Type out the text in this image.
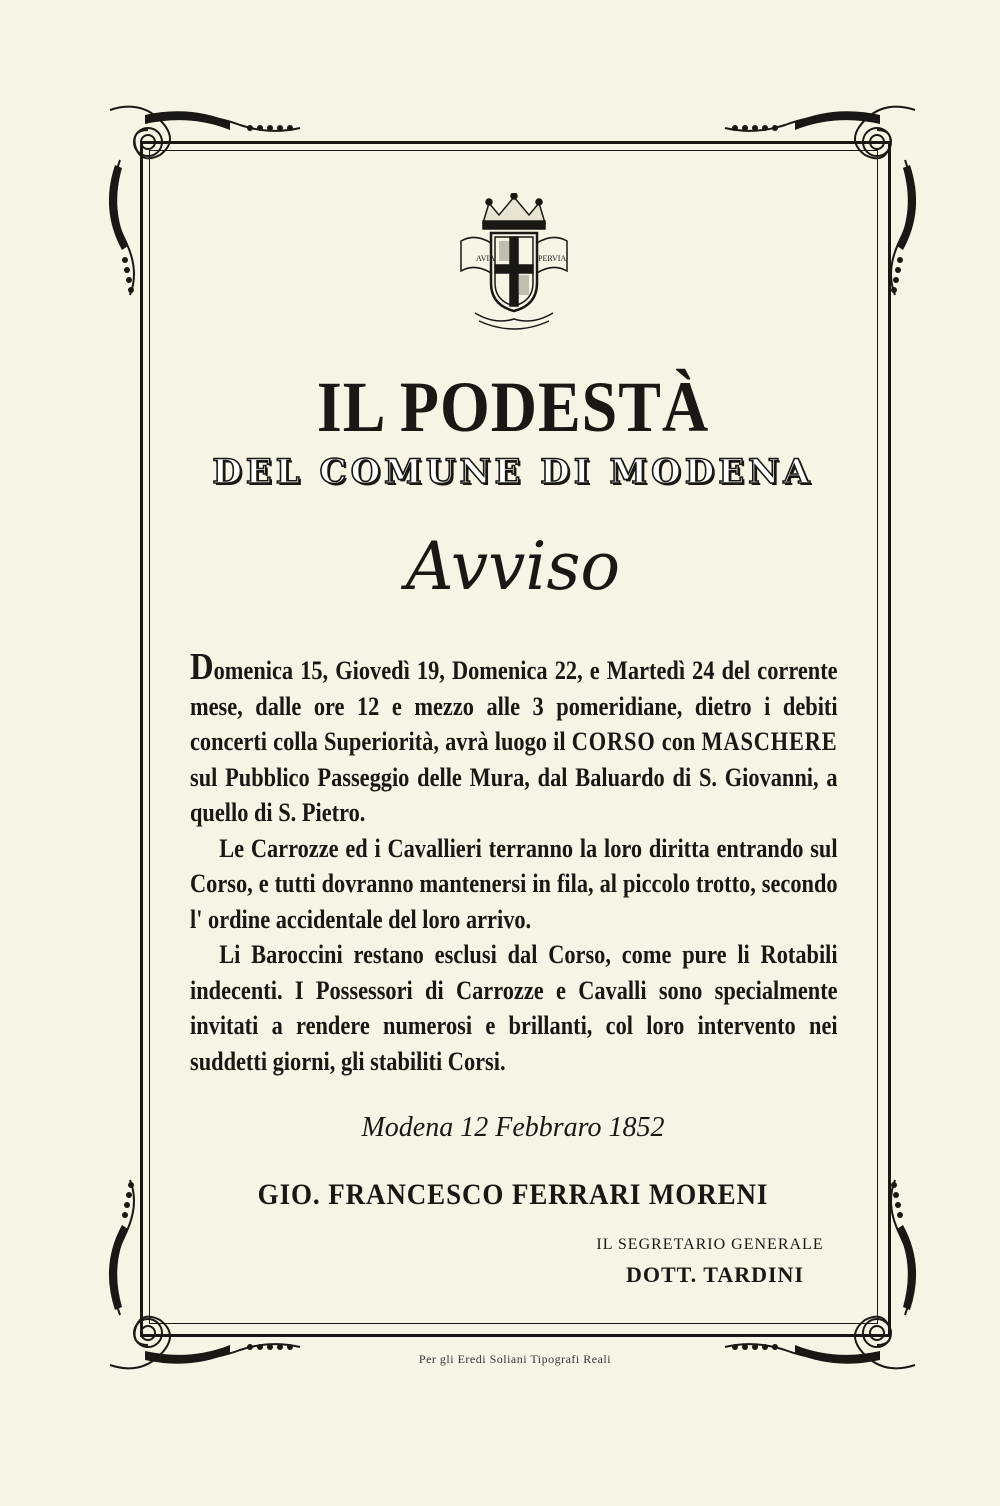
AVIA	PERVIA
IL PODESTÀ
DEL COMUNE DI MODENA
Avviso

Domenica 15, Giovedì 19, Domenica 22, e Martedì 24 del corrente mese, dalle ore 12 e mezzo alle 3 pomeridiane, dietro i debiti concerti colla Superiorità, avrà luogo il CORSO con MASCHERE sul Pubblico Passeggio delle Mura, dal Baluardo di S. Giovanni, a quello di S. Pietro.

Le Carrozze ed i Cavallieri terranno la loro diritta entrando sul Corso, e tutti dovranno mantenersi in fila, al piccolo trotto, secondo l' ordine accidentale del loro arrivo.

Li Baroccini restano esclusi dal Corso, come pure li Rotabili indecenti. I Possessori di Carrozze e Cavalli sono specialmente invitati a rendere numerosi e brillanti, col loro intervento nei suddetti giorni, gli stabiliti Corsi.

Modena 12 Febbraro 1852
GIO. FRANCESCO FERRARI MORENI
IL SEGRETARIO GENERALE
DOTT. TARDINI
Per gli Eredi Soliani Tipografi Reali
